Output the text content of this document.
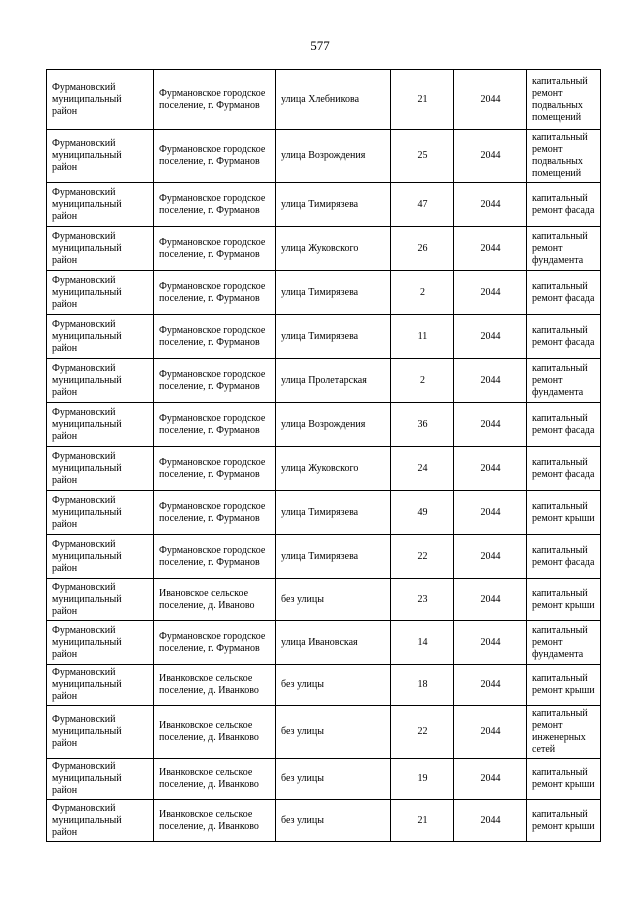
577
Фурмановский муниципальный район	Фурмановское городское поселение, г. Фурманов	улица Хлебникова	21	2044	капитальный ремонт подвальных помещений
Фурмановский муниципальный район	Фурмановское городское поселение, г. Фурманов	улица Возрождения	25	2044	капитальный ремонт подвальных помещений
Фурмановский муниципальный район	Фурмановское городское поселение, г. Фурманов	улица Тимирязева	47	2044	капитальный ремонт фасада
Фурмановский муниципальный район	Фурмановское городское поселение, г. Фурманов	улица Жуковского	26	2044	капитальный ремонт фундамента
Фурмановский муниципальный район	Фурмановское городское поселение, г. Фурманов	улица Тимирязева	2	2044	капитальный ремонт фасада
Фурмановский муниципальный район	Фурмановское городское поселение, г. Фурманов	улица Тимирязева	11	2044	капитальный ремонт фасада
Фурмановский муниципальный район	Фурмановское городское поселение, г. Фурманов	улица Пролетарская	2	2044	капитальный ремонт фундамента
Фурмановский муниципальный район	Фурмановское городское поселение, г. Фурманов	улица Возрождения	36	2044	капитальный ремонт фасада
Фурмановский муниципальный район	Фурмановское городское поселение, г. Фурманов	улица Жуковского	24	2044	капитальный ремонт фасада
Фурмановский муниципальный район	Фурмановское городское поселение, г. Фурманов	улица Тимирязева	49	2044	капитальный ремонт крыши
Фурмановский муниципальный район	Фурмановское городское поселение, г. Фурманов	улица Тимирязева	22	2044	капитальный ремонт фасада
Фурмановский муниципальный район	Ивановское сельское поселение, д. Иваново	без улицы	23	2044	капитальный ремонт крыши
Фурмановский муниципальный район	Фурмановское городское поселение, г. Фурманов	улица Ивановская	14	2044	капитальный ремонт фундамента
Фурмановский муниципальный район	Иванковское сельское поселение, д. Иванково	без улицы	18	2044	капитальный ремонт крыши
Фурмановский муниципальный район	Иванковское сельское поселение, д. Иванково	без улицы	22	2044	капитальный ремонт инженерных сетей
Фурмановский муниципальный район	Иванковское сельское поселение, д. Иванково	без улицы	19	2044	капитальный ремонт крыши
Фурмановский муниципальный район	Иванковское сельское поселение, д. Иванково	без улицы	21	2044	капитальный ремонт крыши
